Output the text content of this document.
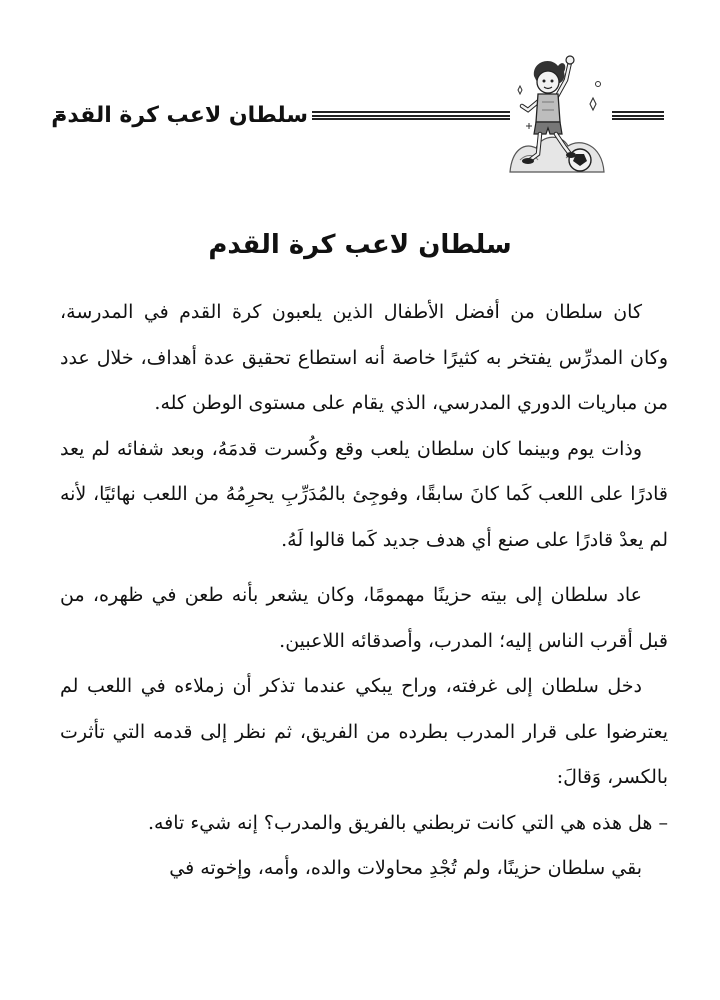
سلطان لاعب كرة القدم
سلطان لاعب كرة القدم

كان سلطان من أفضل الأطفال الذين يلعبون كرة القدم في المدرسة، وكان المدرِّس يفتخر به كثيرًا خاصة أنه استطاع تحقيق عدة أهداف، خلال عدد من مباريات الدوري المدرسي، الذي يقام على مستوى الوطن كله.

وذات يوم وبينما كان سلطان يلعب وقع وكُسرت قدمَهُ، وبعد شفائه لم يعد قادرًا على اللعب كَما كانَ سابقًا، وفوجِئ بالمُدَرِّبِ يحرِمُهُ من اللعب نهائيًا، لأنه لم يعدْ قادرًا على صنع أي هدف جديد كَما قالوا لَهُ.

عاد سلطان إلى بيته حزينًا مهمومًا، وكان يشعر بأنه طعن في ظهره، من قبل أقرب الناس إليه؛ المدرب، وأصدقائه اللاعبين.

دخل سلطان إلى غرفته، وراح يبكي عندما تذكر أن زملاءه في اللعب لم يعترضوا على قرار المدرب بطرده من الفريق، ثم نظر إلى قدمه التي تأثرت بالكسر، وَقالَ:

– هل هذه هي التي كانت تربطني بالفريق والمدرب؟ إنه شيء تافه.

بقي سلطان حزينًا، ولم تُجْدِ محاولات والده، وأمه، وإخوته في
